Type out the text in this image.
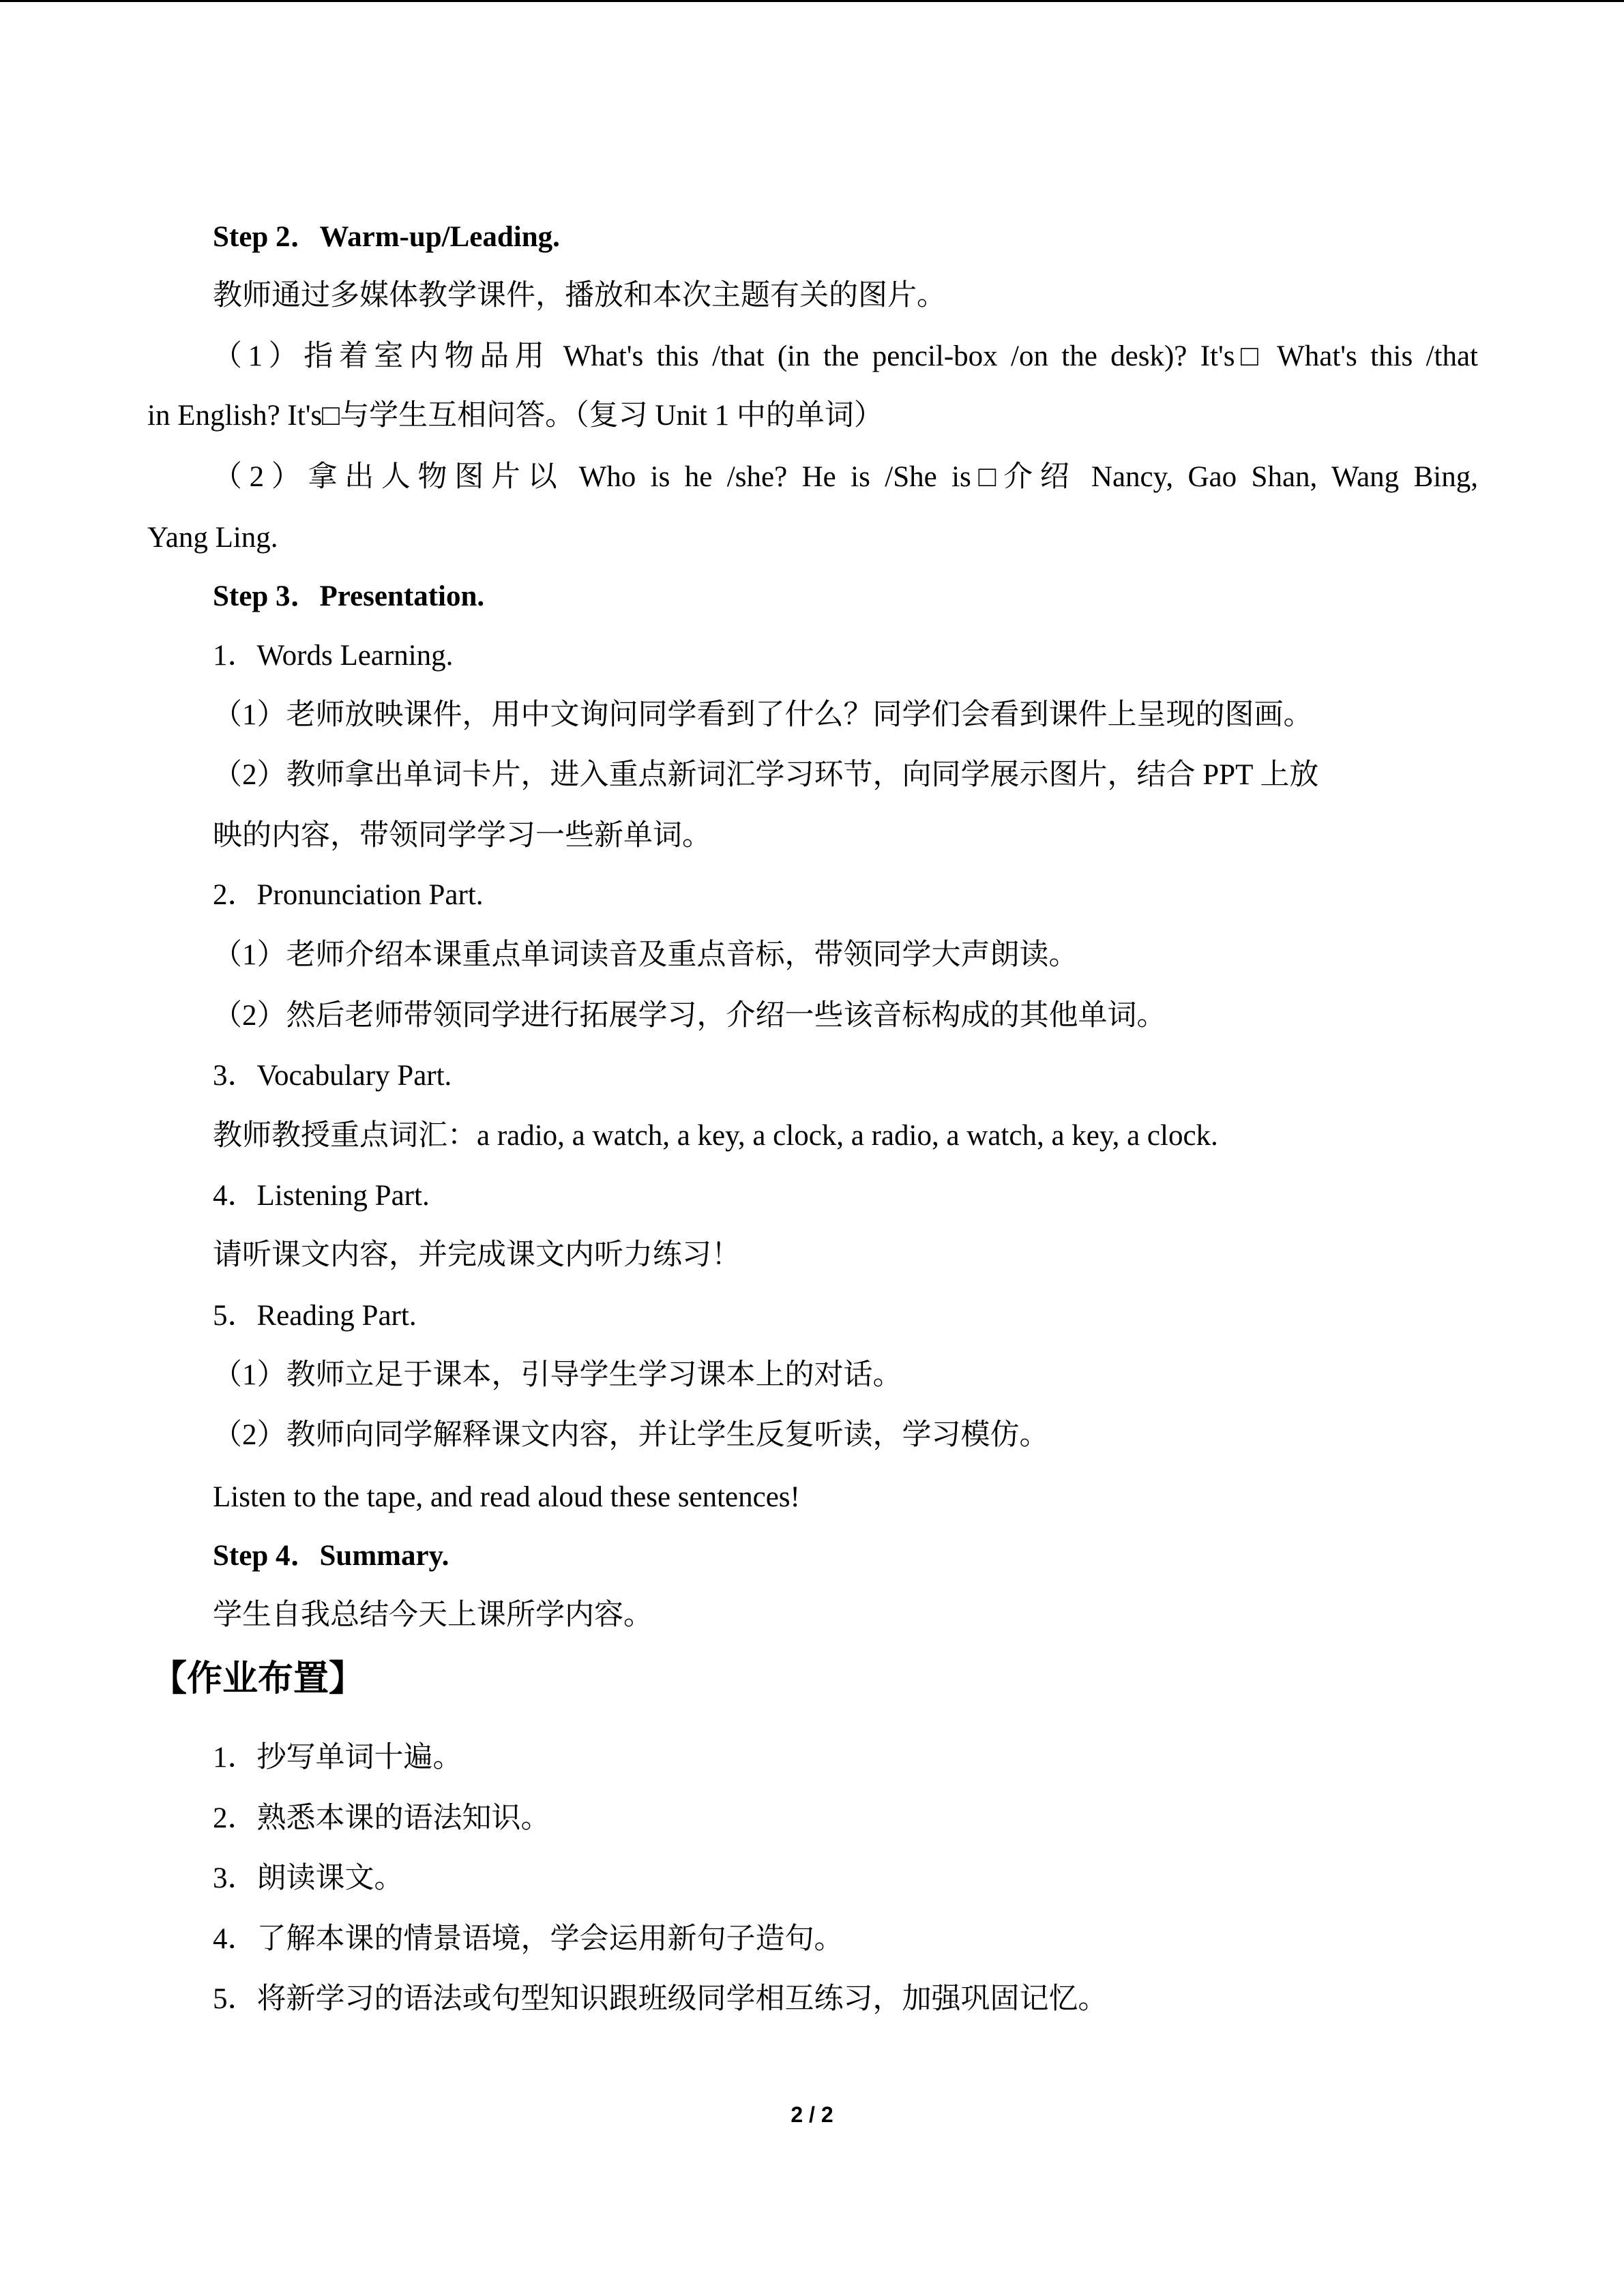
Step 2．Warm-up/Leading.
教师通过多媒体教学课件，播放和本次主题有关的图片。
（1）指着室内物品用 What's this /that (in the pencil-box /on the desk)? It's□ What's this /that
in English? It's□与学生互相问答。（复习 Unit 1 中的单词）
（2）拿出人物图片以 Who is he /she? He is /She is□介绍 Nancy, Gao Shan, Wang Bing,
Yang Ling.
Step 3．Presentation.
1．Words Learning.
（1）老师放映课件，用中文询问同学看到了什么？同学们会看到课件上呈现的图画。
（2）教师拿出单词卡片，进入重点新词汇学习环节，向同学展示图片，结合 PPT 上放
映的内容，带领同学学习一些新单词。
2．Pronunciation Part.
（1）老师介绍本课重点单词读音及重点音标，带领同学大声朗读。
（2）然后老师带领同学进行拓展学习，介绍一些该音标构成的其他单词。
3．Vocabulary Part.
教师教授重点词汇：a radio, a watch, a key, a clock, a radio, a watch, a key, a clock.
4．Listening Part.
请听课文内容，并完成课文内听力练习！
5．Reading Part.
（1）教师立足于课本，引导学生学习课本上的对话。
（2）教师向同学解释课文内容，并让学生反复听读，学习模仿。
Listen to the tape, and read aloud these sentences!
Step 4．Summary.
学生自我总结今天上课所学内容。
【作业布置】
1．抄写单词十遍。
2．熟悉本课的语法知识。
3．朗读课文。
4．了解本课的情景语境，学会运用新句子造句。
5．将新学习的语法或句型知识跟班级同学相互练习，加强巩固记忆。
2 / 2
